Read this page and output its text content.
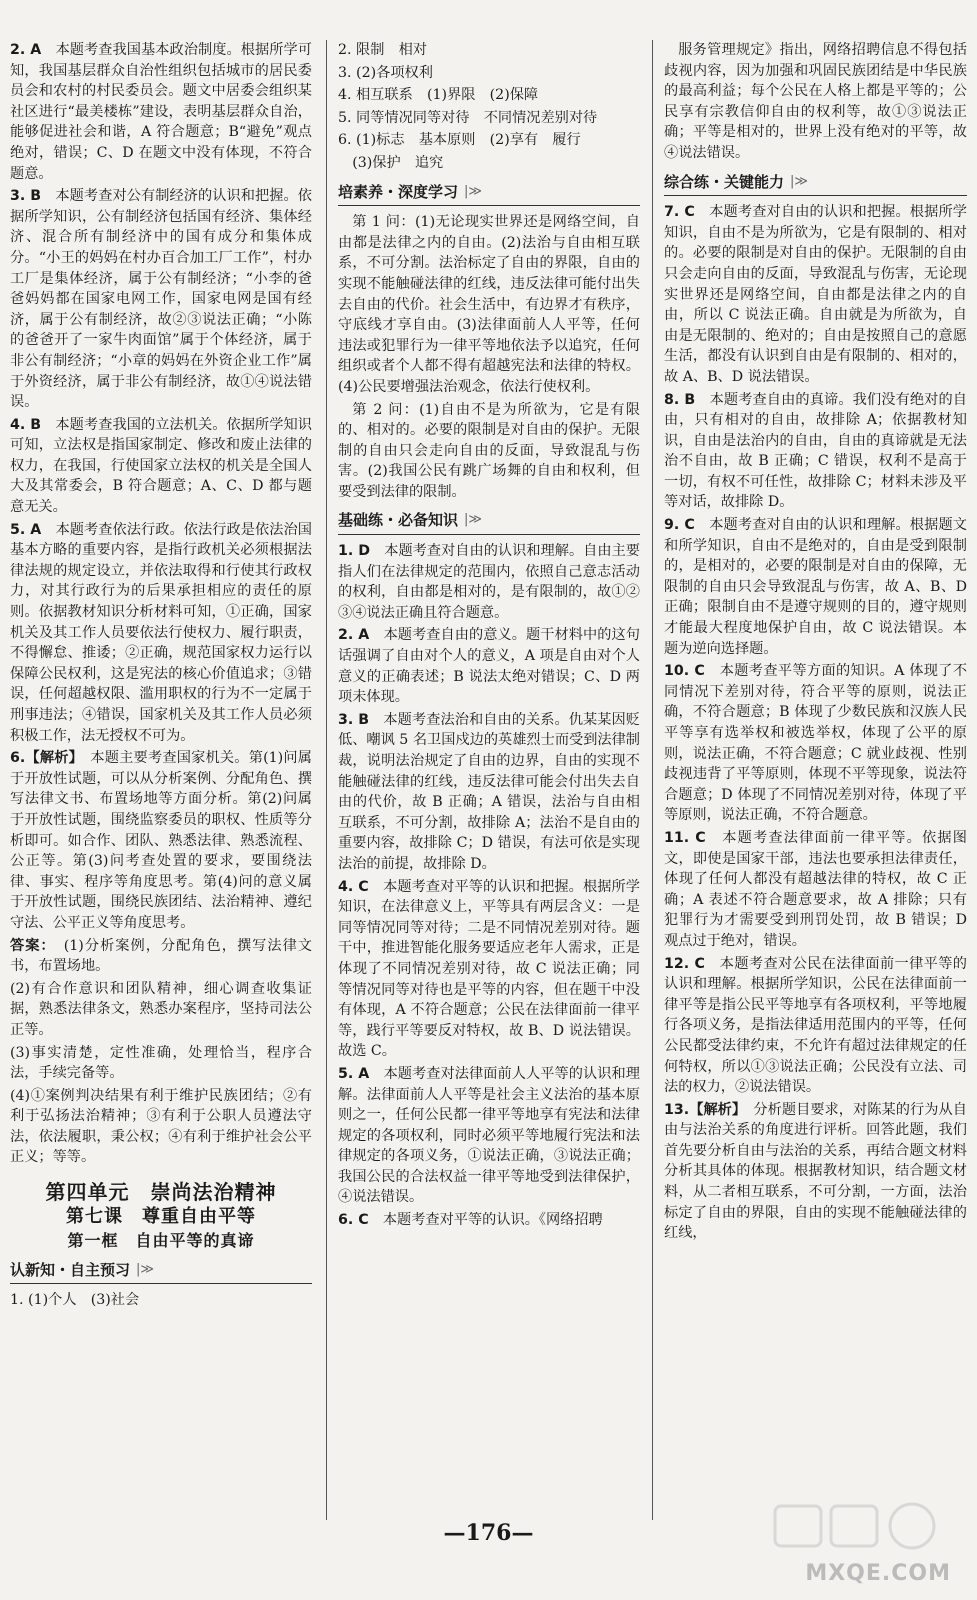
2. A　 本题考查我国基本政治制度。根据所学可知，我国基层群众自治性组织包括城市的居民委员会和农村的村民委员会。题文中居委会组织某社区进行“最美楼栋”建设，表明基层群众自治，能够促进社会和谐，A 符合题意；B“避免”观点绝对，错误；C、D 在题文中没有体现，不符合题意。
3. B　 本题考查对公有制经济的认识和把握。依据所学知识，公有制经济包括国有经济、集体经济、混合所有制经济中的国有成分和集体成分。“小王的妈妈在村办百合加工厂工作”，村办工厂是集体经济，属于公有制经济；“小李的爸爸妈妈都在国家电网工作，国家电网是国有经济，属于公有制经济，故②③说法正确；“小陈的爸爸开了一家牛肉面馆”属于个体经济，属于非公有制经济；“小章的妈妈在外资企业工作”属于外资经济，属于非公有制经济，故①④说法错误。
4. B　 本题考查我国的立法机关。依据所学知识可知，立法权是指国家制定、修改和废止法律的权力，在我国，行使国家立法权的机关是全国人大及其常委会，B 符合题意；A、C、D 都与题意无关。
5. A　 本题考查依法行政。依法行政是依法治国基本方略的重要内容，是指行政机关必须根据法律法规的规定设立，并依法取得和行使其行政权力，对其行政行为的后果承担相应的责任的原则。依据教材知识分析材料可知，①正确，国家机关及其工作人员要依法行使权力、履行职责，不得懈怠、推诿；②正确，规范国家权力运行以保障公民权利，这是宪法的核心价值追求；③错误，任何超越权限、滥用职权的行为不一定属于刑事违法；④错误，国家机关及其工作人员必须积极工作，法无授权不可为。
6.【解析】　 本题主要考查国家机关。第(1)问属于开放性试题，可以从分析案例、分配角色、撰写法律文书、布置场地等方面分析。第(2)问属于开放性试题，围绕监察委员的职权、性质等分析即可。如合作、团队、熟悉法律、熟悉流程、公正等。第(3)问考查处置的要求，要围绕法律、事实、程序等角度思考。第(4)问的意义属于开放性试题，围绕民族团结、法治精神、遵纪守法、公平正义等角度思考。
答案：　 (1)分析案例，分配角色，撰写法律文书，布置场地。
(2)有合作意识和团队精神，细心调查收集证据，熟悉法律条文，熟悉办案程序，坚持司法公正等。
(3)事实清楚，定性准确，处理恰当，程序合法，手续完备等。
(4)①案例判决结果有利于维护民族团结；②有利于弘扬法治精神；③有利于公职人员遵法守法，依法履职，秉公权；④有利于维护社会公平正义；等等。
第四单元　崇尚法治精神
第七课　尊重自由平等
第一框　自由平等的真谛
认新知・自主预习 |≫
1. (1)个人　(3)社会
2. 限制　相对
3. (2)各项权利
4. 相互联系　(1)界限　(2)保障
5. 同等情况同等对待　不同情况差别对待
6. (1)标志　基本原则　(2)享有　履行
　(3)保护　追究
培素养・深度学习 |≫
第 1 问：(1)无论现实世界还是网络空间，自由都是法律之内的自由。(2)法治与自由相互联系，不可分割。法治标定了自由的界限，自由的实现不能触碰法律的红线，违反法律可能付出失去自由的代价。社会生活中，有边界才有秩序，守底线才享自由。(3)法律面前人人平等，任何违法或犯罪行为一律平等地依法予以追究，任何组织或者个人都不得有超越宪法和法律的特权。(4)公民要增强法治观念，依法行使权利。
第 2 问：(1)自由不是为所欲为，它是有限的、相对的。必要的限制是对自由的保护。无限制的自由只会走向自由的反面，导致混乱与伤害。(2)我国公民有跳广场舞的自由和权利，但要受到法律的限制。
基础练・必备知识 |≫
1. D　 本题考查对自由的认识和理解。自由主要指人们在法律规定的范围内，依照自己意志活动的权利，自由都是相对的，是有限制的，故①②③④说法正确且符合题意。
2. A　 本题考查自由的意义。题干材料中的这句话强调了自由对个人的意义，A 项是自由对个人意义的正确表述；B 说法太绝对错误；C、D 两项未体现。
3. B　 本题考查法治和自由的关系。仇某某因贬低、嘲讽 5 名卫国戍边的英雄烈士而受到法律制裁，说明法治规定了自由的边界，自由的实现不能触碰法律的红线，违反法律可能会付出失去自由的代价，故 B 正确；A 错误，法治与自由相互联系，不可分割，故排除 A；法治不是自由的重要内容，故排除 C；D 错误，有法可依是实现法治的前提，故排除 D。
4. C　 本题考查对平等的认识和把握。根据所学知识，在法律意义上，平等具有两层含义：一是同等情况同等对待；二是不同情况差别对待。题干中，推进智能化服务要适应老年人需求，正是体现了不同情况差别对待，故 C 说法正确；同等情况同等对待也是平等的内容，但在题干中没有体现，A 不符合题意；公民在法律面前一律平等，践行平等要反对特权，故 B、D 说法错误。故选 C。
5. A　 本题考查对法律面前人人平等的认识和理解。法律面前人人平等是社会主义法治的基本原则之一，任何公民都一律平等地享有宪法和法律规定的各项权利，同时必须平等地履行宪法和法律规定的各项义务，①说法正确，③说法正确；我国公民的合法权益一律平等地受到法律保护，④说法错误。
6. C　 本题考查对平等的认识。《网络招聘
服务管理规定》指出，网络招聘信息不得包括歧视内容，因为加强和巩固民族团结是中华民族的最高利益；每个公民在人格上都是平等的；公民享有宗教信仰自由的权利等，故①③说法正确；平等是相对的，世界上没有绝对的平等，故④说法错误。
综合练・关键能力 |≫
7. C　 本题考查对自由的认识和把握。根据所学知识，自由不是为所欲为，它是有限制的、相对的。必要的限制是对自由的保护。无限制的自由只会走向自由的反面，导致混乱与伤害，无论现实世界还是网络空间，自由都是法律之内的自由，所以 C 说法正确。自由就是为所欲为，自由是无限制的、绝对的；自由是按照自己的意愿生活，都没有认识到自由是有限制的、相对的，故 A、B、D 说法错误。
8. B　 本题考查自由的真谛。我们没有绝对的自由，只有相对的自由，故排除 A；依据教材知识，自由是法治内的自由，自由的真谛就是无法治不自由，故 B 正确；C 错误，权利不是高于一切，有权不可任性，故排除 C；材料未涉及平等对话，故排除 D。
9. C　 本题考查对自由的认识和理解。根据题文和所学知识，自由不是绝对的，自由是受到限制的，是相对的，必要的限制是对自由的保障，无限制的自由只会导致混乱与伤害，故 A、B、D 正确；限制自由不是遵守规则的目的，遵守规则才能最大程度地保护自由，故 C 说法错误。本题为逆向选择题。
10. C　 本题考查平等方面的知识。A 体现了不同情况下差别对待，符合平等的原则，说法正确，不符合题意；B 体现了少数民族和汉族人民平等享有选举权和被选举权，体现了公平的原则，说法正确，不符合题意；C 就业歧视、性别歧视违背了平等原则，体现不平等现象，说法符合题意；D 体现了不同情况差别对待，体现了平等原则，说法正确，不符合题意。
11. C　 本题考查法律面前一律平等。依据图文，即使是国家干部，违法也要承担法律责任，体现了任何人都没有超越法律的特权，故 C 正确；A 表述不符合题意要求，故 A 排除；只有犯罪行为才需要受到刑罚处罚，故 B 错误；D 观点过于绝对，错误。
12. C　 本题考查对公民在法律面前一律平等的认识和理解。根据所学知识，公民在法律面前一律平等是指公民平等地享有各项权利，平等地履行各项义务，是指法律适用范围内的平等，任何公民都受法律约束，不允许有超过法律规定的任何特权，所以①③说法正确；公民没有立法、司法的权力，②说法错误。
13.【解析】　 分析题目要求，对陈某的行为从自由与法治关系的角度进行评析。回答此题，我们首先要分析自由与法治的关系，再结合题文材料分析其具体的体现。根据教材知识，结合题文材料，从二者相互联系，不可分割，一方面，法治标定了自由的界限，自由的实现不能触碰法律的红线，
—176—
MXQE.COM
